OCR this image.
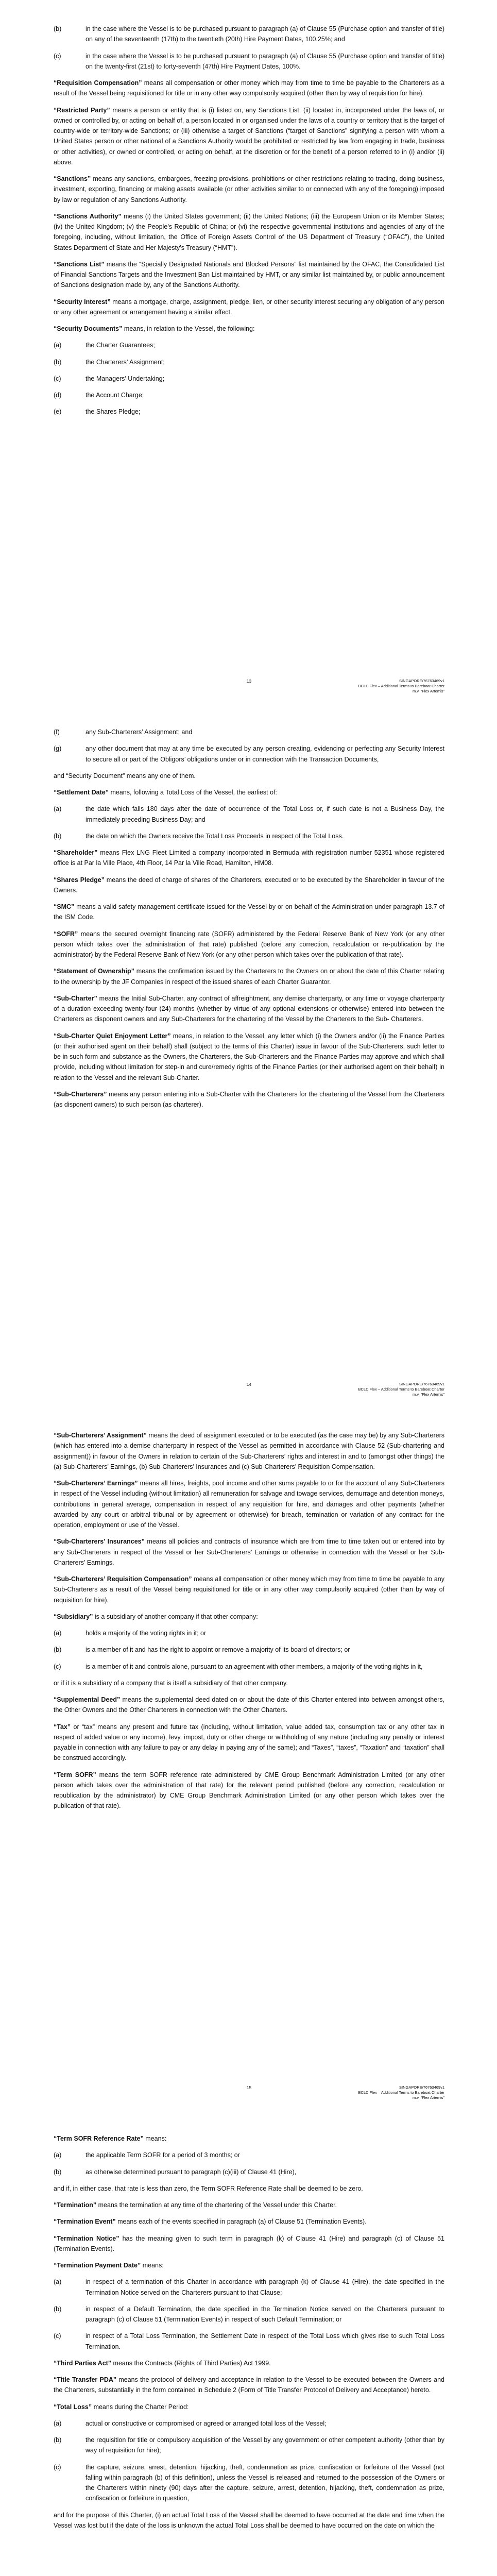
(b)	in the case where the Vessel is to be purchased pursuant to paragraph (a) of Clause 55 (Purchase option and transfer of title) on any of the seventeenth (17th) to the twentieth (20th) Hire Payment Dates, 100.25%; and
(c)	in the case where the Vessel is to be purchased pursuant to paragraph (a) of Clause 55 (Purchase option and transfer of title) on the twenty-first (21st) to forty-seventh (47th) Hire Payment Dates, 100%.

“Requisition Compensation” means all compensation or other money which may from time to time be payable to the Charterers as a result of the Vessel being requisitioned for title or in any other way compulsorily acquired (other than by way of requisition for hire).

“Restricted Party” means a person or entity that is (i) listed on, any Sanctions List; (ii) located in, incorporated under the laws of, or owned or controlled by, or acting on behalf of, a person located in or organised under the laws of a country or territory that is the target of country-wide or territory-wide Sanctions; or (iii) otherwise a target of Sanctions (“target of Sanctions” signifying a person with whom a United States person or other national of a Sanctions Authority would be prohibited or restricted by law from engaging in trade, business or other activities), or owned or controlled, or acting on behalf, at the discretion or for the benefit of a person referred to in (i) and/or (ii) above.

“Sanctions” means any sanctions, embargoes, freezing provisions, prohibitions or other restrictions relating to trading, doing business, investment, exporting, financing or making assets available (or other activities similar to or connected with any of the foregoing) imposed by law or regulation of any Sanctions Authority.

“Sanctions Authority” means (i) the United States government; (ii) the United Nations; (iii) the European Union or its Member States; (iv) the United Kingdom; (v) the People’s Republic of China; or (vi) the respective governmental institutions and agencies of any of the foregoing, including, without limitation, the Office of Foreign Assets Control of the US Department of Treasury (“OFAC”), the United States Department of State and Her Majesty’s Treasury (“HMT”).

“Sanctions List” means the “Specially Designated Nationals and Blocked Persons” list maintained by the OFAC, the Consolidated List of Financial Sanctions Targets and the Investment Ban List maintained by HMT, or any similar list maintained by, or public announcement of Sanctions designation made by, any of the Sanctions Authority.

“Security Interest” means a mortgage, charge, assignment, pledge, lien, or other security interest securing any obligation of any person or any other agreement or arrangement having a similar effect.

“Security Documents” means, in relation to the Vessel, the following:

(a)	the Charter Guarantees;
(b)	the Charterers’ Assignment;
(c)	the Managers’ Undertaking;
(d)	the Account Charge;
(e)	the Shares Pledge;
13	SINGAPORE/76763469v1
BCLC Flex – Additional Terms to Bareboat Charter
m.v. “Flex Artemis”
(f)	any Sub-Charterers’ Assignment; and
(g)	any other document that may at any time be executed by any person creating, evidencing or perfecting any Security Interest to secure all or part of the Obligors’ obligations under or in connection with the Transaction Documents,

and “Security Document” means any one of them.

“Settlement Date” means, following a Total Loss of the Vessel, the earliest of:

(a)	the date which falls 180 days after the date of occurrence of the Total Loss or, if such date is not a Business Day, the immediately preceding Business Day; and
(b)	the date on which the Owners receive the Total Loss Proceeds in respect of the Total Loss.

“Shareholder” means Flex LNG Fleet Limited a company incorporated in Bermuda with registration number 52351 whose registered office is at Par la Ville Place, 4th Floor, 14 Par la Ville Road, Hamilton, HM08.

“Shares Pledge” means the deed of charge of shares of the Charterers, executed or to be executed by the Shareholder in favour of the Owners.

“SMC” means a valid safety management certificate issued for the Vessel by or on behalf of the Administration under paragraph 13.7 of the ISM Code.

“SOFR” means the secured overnight financing rate (SOFR) administered by the Federal Reserve Bank of New York (or any other person which takes over the administration of that rate) published (before any correction, recalculation or re-publication by the administrator) by the Federal Reserve Bank of New York (or any other person which takes over the publication of that rate).

“Statement of Ownership” means the confirmation issued by the Charterers to the Owners on or about the date of this Charter relating to the ownership by the JF Companies in respect of the issued shares of each Charter Guarantor.

“Sub-Charter” means the Initial Sub-Charter, any contract of affreightment, any demise charterparty, or any time or voyage charterparty of a duration exceeding twenty-four (24) months (whether by virtue of any optional extensions or otherwise) entered into between the Charterers as disponent owners and any Sub-Charterers for the chartering of the Vessel by the Charterers to the Sub- Charterers.

“Sub-Charter Quiet Enjoyment Letter” means, in relation to the Vessel, any letter which (i) the Owners and/or (ii) the Finance Parties (or their authorised agent on their behalf) shall (subject to the terms of this Charter) issue in favour of the Sub-Charterers, such letter to be in such form and substance as the Owners, the Charterers, the Sub-Charterers and the Finance Parties may approve and which shall provide, including without limitation for step-in and cure/remedy rights of the Finance Parties (or their authorised agent on their behalf) in relation to the Vessel and the relevant Sub-Charter.

“Sub-Charterers” means any person entering into a Sub-Charter with the Charterers for the chartering of the Vessel from the Charterers (as disponent owners) to such person (as charterer).

14	SINGAPORE/76763469v1
BCLC Flex – Additional Terms to Bareboat Charter
m.v. “Flex Artemis”

“Sub-Charterers’ Assignment” means the deed of assignment executed or to be executed (as the case may be) by any Sub-Charterers (which has entered into a demise charterparty in respect of the Vessel as permitted in accordance with Clause 52 (Sub-chartering and assignment)) in favour of the Owners in relation to certain of the Sub-Charterers’ rights and interest in and to (amongst other things) the (a) Sub-Charterers’ Earnings, (b) Sub-Charterers’ Insurances and (c) Sub-Charterers’ Requisition Compensation.

“Sub-Charterers’ Earnings” means all hires, freights, pool income and other sums payable to or for the account of any Sub-Charterers in respect of the Vessel including (without limitation) all remuneration for salvage and towage services, demurrage and detention moneys, contributions in general average, compensation in respect of any requisition for hire, and damages and other payments (whether awarded by any court or arbitral tribunal or by agreement or otherwise) for breach, termination or variation of any contract for the operation, employment or use of the Vessel.

“Sub-Charterers’ Insurances” means all policies and contracts of insurance which are from time to time taken out or entered into by any Sub-Charterers in respect of the Vessel or her Sub-Charterers’ Earnings or otherwise in connection with the Vessel or her Sub-Charterers’ Earnings.

“Sub-Charterers’ Requisition Compensation” means all compensation or other money which may from time to time be payable to any Sub-Charterers as a result of the Vessel being requisitioned for title or in any other way compulsorily acquired (other than by way of requisition for hire).

“Subsidiary” is a subsidiary of another company if that other company:

(a)	holds a majority of the voting rights in it; or
(b)	is a member of it and has the right to appoint or remove a majority of its board of directors; or
(c)	is a member of it and controls alone, pursuant to an agreement with other members, a majority of the voting rights in it,

or if it is a subsidiary of a company that is itself a subsidiary of that other company.

“Supplemental Deed” means the supplemental deed dated on or about the date of this Charter entered into between amongst others, the Other Owners and the Other Charterers in connection with the Other Charters.

“Tax” or “tax” means any present and future tax (including, without limitation, value added tax, consumption tax or any other tax in respect of added value or any income), levy, impost, duty or other charge or withholding of any nature (including any penalty or interest payable in connection with any failure to pay or any delay in paying any of the same); and “Taxes”, “taxes”, “Taxation” and “taxation” shall be construed accordingly.

“Term SOFR” means the term SOFR reference rate administered by CME Group Benchmark Administration Limited (or any other person which takes over the administration of that rate) for the relevant period published (before any correction, recalculation or republication by the administrator) by CME Group Benchmark Administration Limited (or any other person which takes over the publication of that rate).

15	SINGAPORE/76763469v1
BCLC Flex – Additional Terms to Bareboat Charter
m.v. “Flex Artemis”

“Term SOFR Reference Rate” means:

(a)	the applicable Term SOFR for a period of 3 months; or
(b)	as otherwise determined pursuant to paragraph (c)(iii) of Clause 41 (Hire),

and if, in either case, that rate is less than zero, the Term SOFR Reference Rate shall be deemed to be zero.

“Termination” means the termination at any time of the chartering of the Vessel under this Charter.

“Termination Event” means each of the events specified in paragraph (a) of Clause 51 (Termination Events).

“Termination Notice” has the meaning given to such term in paragraph (k) of Clause 41 (Hire) and paragraph (c) of Clause 51 (Termination Events).

“Termination Payment Date” means:

(a)	in respect of a termination of this Charter in accordance with paragraph (k) of Clause 41 (Hire), the date specified in the Termination Notice served on the Charterers pursuant to that Clause;
(b)	in respect of a Default Termination, the date specified in the Termination Notice served on the Charterers pursuant to paragraph (c) of Clause 51 (Termination Events) in respect of such Default Termination; or
(c)	in respect of a Total Loss Termination, the Settlement Date in respect of the Total Loss which gives rise to such Total Loss Termination.

“Third Parties Act” means the Contracts (Rights of Third Parties) Act 1999.

“Title Transfer PDA” means the protocol of delivery and acceptance in relation to the Vessel to be executed between the Owners and the Charterers, substantially in the form contained in Schedule 2 (Form of Title Transfer Protocol of Delivery and Acceptance) hereto.

“Total Loss” means during the Charter Period:

(a)	actual or constructive or compromised or agreed or arranged total loss of the Vessel;
(b)	the requisition for title or compulsory acquisition of the Vessel by any government or other competent authority (other than by way of requisition for hire);
(c)	the capture, seizure, arrest, detention, hijacking, theft, condemnation as prize, confiscation or forfeiture of the Vessel (not falling within paragraph (b) of this definition), unless the Vessel is released and returned to the possession of the Owners or the Charterers within ninety (90) days after the capture, seizure, arrest, detention, hijacking, theft, condemnation as prize, confiscation or forfeiture in question,

and for the purpose of this Charter, (i) an actual Total Loss of the Vessel shall be deemed to have occurred at the date and time when the Vessel was lost but if the date of the loss is unknown the actual Total Loss shall be deemed to have occurred on the date on which the
